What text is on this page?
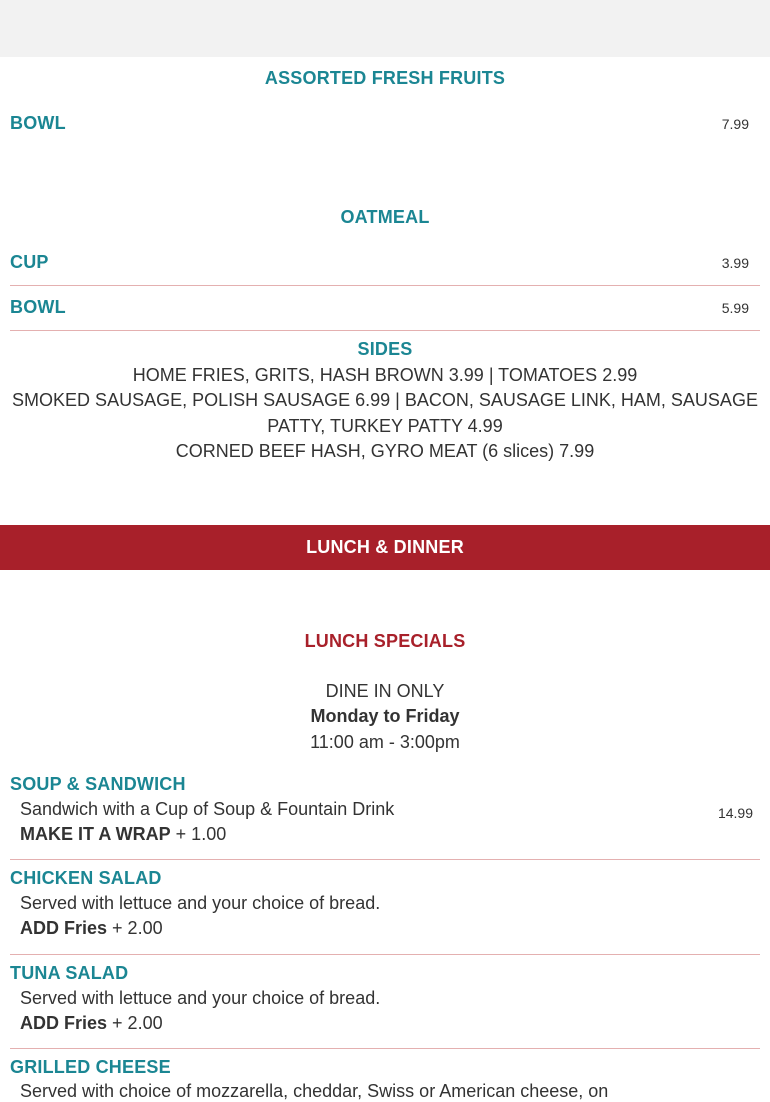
ASSORTED FRESH FRUITS
BOWL	7.99
OATMEAL
CUP	3.99
BOWL	5.99
SIDES
HOME FRIES, GRITS, HASH BROWN 3.99 | TOMATOES 2.99
SMOKED SAUSAGE, POLISH SAUSAGE 6.99 | BACON, SAUSAGE LINK, HAM, SAUSAGE
PATTY, TURKEY PATTY 4.99
CORNED BEEF HASH, GYRO MEAT (6 slices) 7.99
LUNCH & DINNER
LUNCH SPECIALS
DINE IN ONLY
Monday to Friday
11:00 am - 3:00pm
SOUP & SANDWICH
Sandwich with a Cup of Soup & Fountain Drink	14.99
MAKE IT A WRAP + 1.00
CHICKEN SALAD
Served with lettuce and your choice of bread.
ADD Fries + 2.00
TUNA SALAD
Served with lettuce and your choice of bread.
ADD Fries + 2.00
GRILLED CHEESE
Served with choice of mozzarella, cheddar, Swiss or American cheese, on
